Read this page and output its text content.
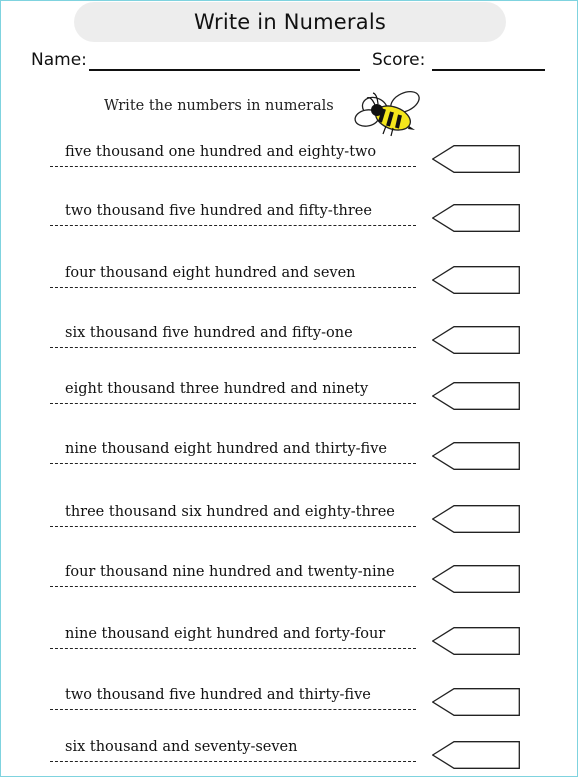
Write in Numerals
Name:	Score:
Write the numbers in numerals
five thousand one hundred and eighty-two
two thousand five hundred and fifty-three
four thousand eight hundred and seven
six thousand five hundred and fifty-one
eight thousand three hundred and ninety
nine thousand eight hundred and thirty-five
three thousand six hundred and eighty-three
four thousand nine hundred and twenty-nine
nine thousand eight hundred and forty-four
two thousand five hundred and thirty-five
six thousand and seventy-seven
